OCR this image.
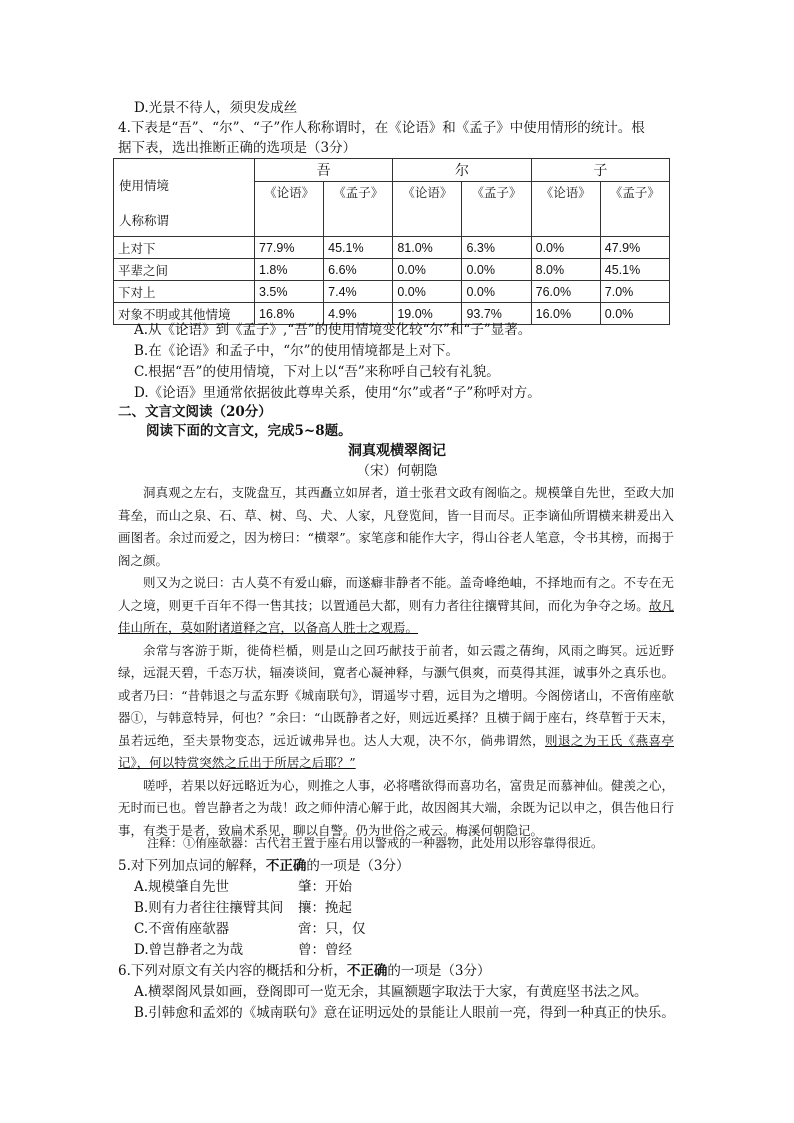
D.光景不待人，须臾发成丝
4.下表是“吾”、“尔”、“子”作人称称谓时，在《论语》和《孟子》中使用情形的统计。根
据下表，选出推断正确的选项是（3分）
使用情境
人称称谓	吾		尔		子	
	《论语》	《孟子》	《论语》	《孟子》	《论语》	《孟子》
上对下	77.9%	45.1%	81.0%	6.3%	0.0%	47.9%
平辈之间	1.8%	6.6%	0.0%	0.0%	8.0%	45.1%
下对上	3.5%	7.4%	0.0%	0.0%	76.0%	7.0%
对象不明或其他情境	16.8%	4.9%	19.0%	93.7%	16.0%	0.0%
A.从《论语》到《孟子》,“吾”的使用情境变化较“尔”和“子”显著。
B.在《论语》和孟子中，“尔”的使用情境都是上对下。
C.根据“吾”的使用情境，下对上以“吾”来称呼自己较有礼貌。
D.《论语》里通常依据彼此尊卑关系，使用“尔”或者“子”称呼对方。
二、文言文阅读（20分）
阅读下面的文言文，完成5~8题。
洞真观横翠阁记
（宋）何朝隐

洞真观之左右，支陇盘互，其西矗立如屏者，道士张君文政有阁临之。规模肇自先世，至政大加葺垒，而山之泉、石、草、树、鸟、犬、人家，凡登览间，皆一目而尽。正李谪仙所谓横来耕爰出入画图者。余过而爱之，因为榜曰：“横翠”。家笔彦和能作大字，得山谷老人笔意，令书其榜，而揭于阁之颜。

则又为之说曰：古人莫不有爱山癖，而遂癖非静者不能。盖奇峰绝岫，不择地而有之。不专在无人之境，则更千百年不得一售其技；以置通邑大都，则有力者往往攘臂其间，而化为争夺之场。故凡佳山所在，莫如附诸道释之宫，以备高人胜士之观焉。

余常与客游于斯，徙倚栏楯，则是山之回巧献技于前者，如云霞之蒨绚，风雨之晦冥。远近野绿，远混天碧，千态万状，辐凑谈间，寛者心凝神释，与灏气俱爽，而莫得其涯，诚事外之真乐也。或者乃曰：“昔韩退之与孟东野《城南联句》，谓遥岑寸碧，远目为之增明。今阁傍诸山，不啻侑座欹器①，与韩意特异，何也？”余曰：“山既静者之好，则远近奚择？且横于阔于座右，终草暂于天末，虽若远绝，至夫景物变态，远近诚弗异也。达人大观，决不尔，倘弗谓然，则退之为王氏《燕喜亭记》，何以特赏突然之丘出于所居之后耶？”

嗟呼，若果以好远略近为心，则推之人事，必将嗜欲得而喜功名，富贵足而慕神仙。健羡之心，无时而已也。曾岂静者之为哉！政之师仲清心解于此，故因阁其大端，余既为记以申之，俱告他日行事，有类于是者，致扁术系见，聊以自警。仍为世俗之戒云。梅溪何朝隐记。

注释：①侑座欹器：古代君王置于座右用以警戒的一种器物，此处用以形容靠得很近。
5.对下列加点词的解释，不正确的一项是（3分）
A.规模肇自先世	肇：开始
B.则有力者往往攘臂其间 攘：挽起
C.不啻侑座欹器	啻：只，仅
D.曾岂静者之为哉	曾：曾经
6.下列对原文有关内容的概括和分析，不正确的一项是（3分）
A.横翠阁风景如画，登阁即可一览无余，其匾额题字取法于大家，有黄庭坚书法之风。
B.引韩愈和孟郊的《城南联句》意在证明远处的景能让人眼前一亮，得到一种真正的快乐。
